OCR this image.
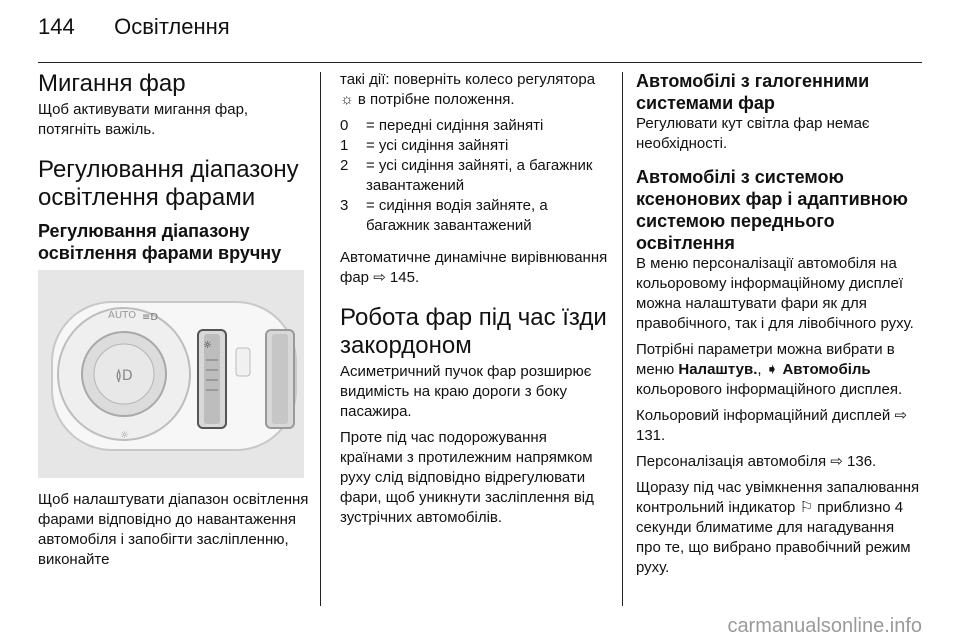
144 Освітлення
Мигання фар

Щоб активувати мигання фар, потягніть важіль.

Регулювання діапазону освітлення фарами
Регулювання діапазону освітлення фарами вручну
≬D
AUTO ≡D
☼
☼

Щоб налаштувати діапазон освітлення фарами відповідно до навантаження автомобіля і запобігти засліпленню, виконайте

такі дії: поверніть колесо регулятора ☼ в потрібне положення.

0	= передні сидіння зайняті
1	= усі сидіння зайняті
2	= усі сидіння зайняті, а багажник завантажений
3	= сидіння водія зайняте, а багажник завантажений

Автоматичне динамічне вирівнювання фар ⇨ 145.

Робота фар під час їзди закордоном

Асиметричний пучок фар розширює видимість на краю дороги з боку пасажира.

Проте під час подорожування країнами з протилежним напрямком руху слід відповідно відрегулювати фари, щоб уникнути засліплення від зустрічних автомобілів.

Автомобілі з галогенними системами фар

Регулювати кут світла фар немає необхідності.

Автомобілі з системою ксенонових фар і адаптивною системою переднього освітлення

В меню персоналізації автомобіля на кольоровому інформаційному дисплеї можна налаштувати фари як для правобічного, так і для лівобічного руху.

Потрібні параметри можна вибрати в меню Налаштув., ➧ Автомобіль кольорового інформаційного дисплея.

Кольоровий інформаційний дисплей ⇨ 131.

Персоналізація автомобіля ⇨ 136.

Щоразу під час увімкнення запалювання контрольний індикатор ⚐ приблизно 4 секунди блиматиме для нагадування про те, що вибрано правобічний режим руху.

carmanualsonline.info
